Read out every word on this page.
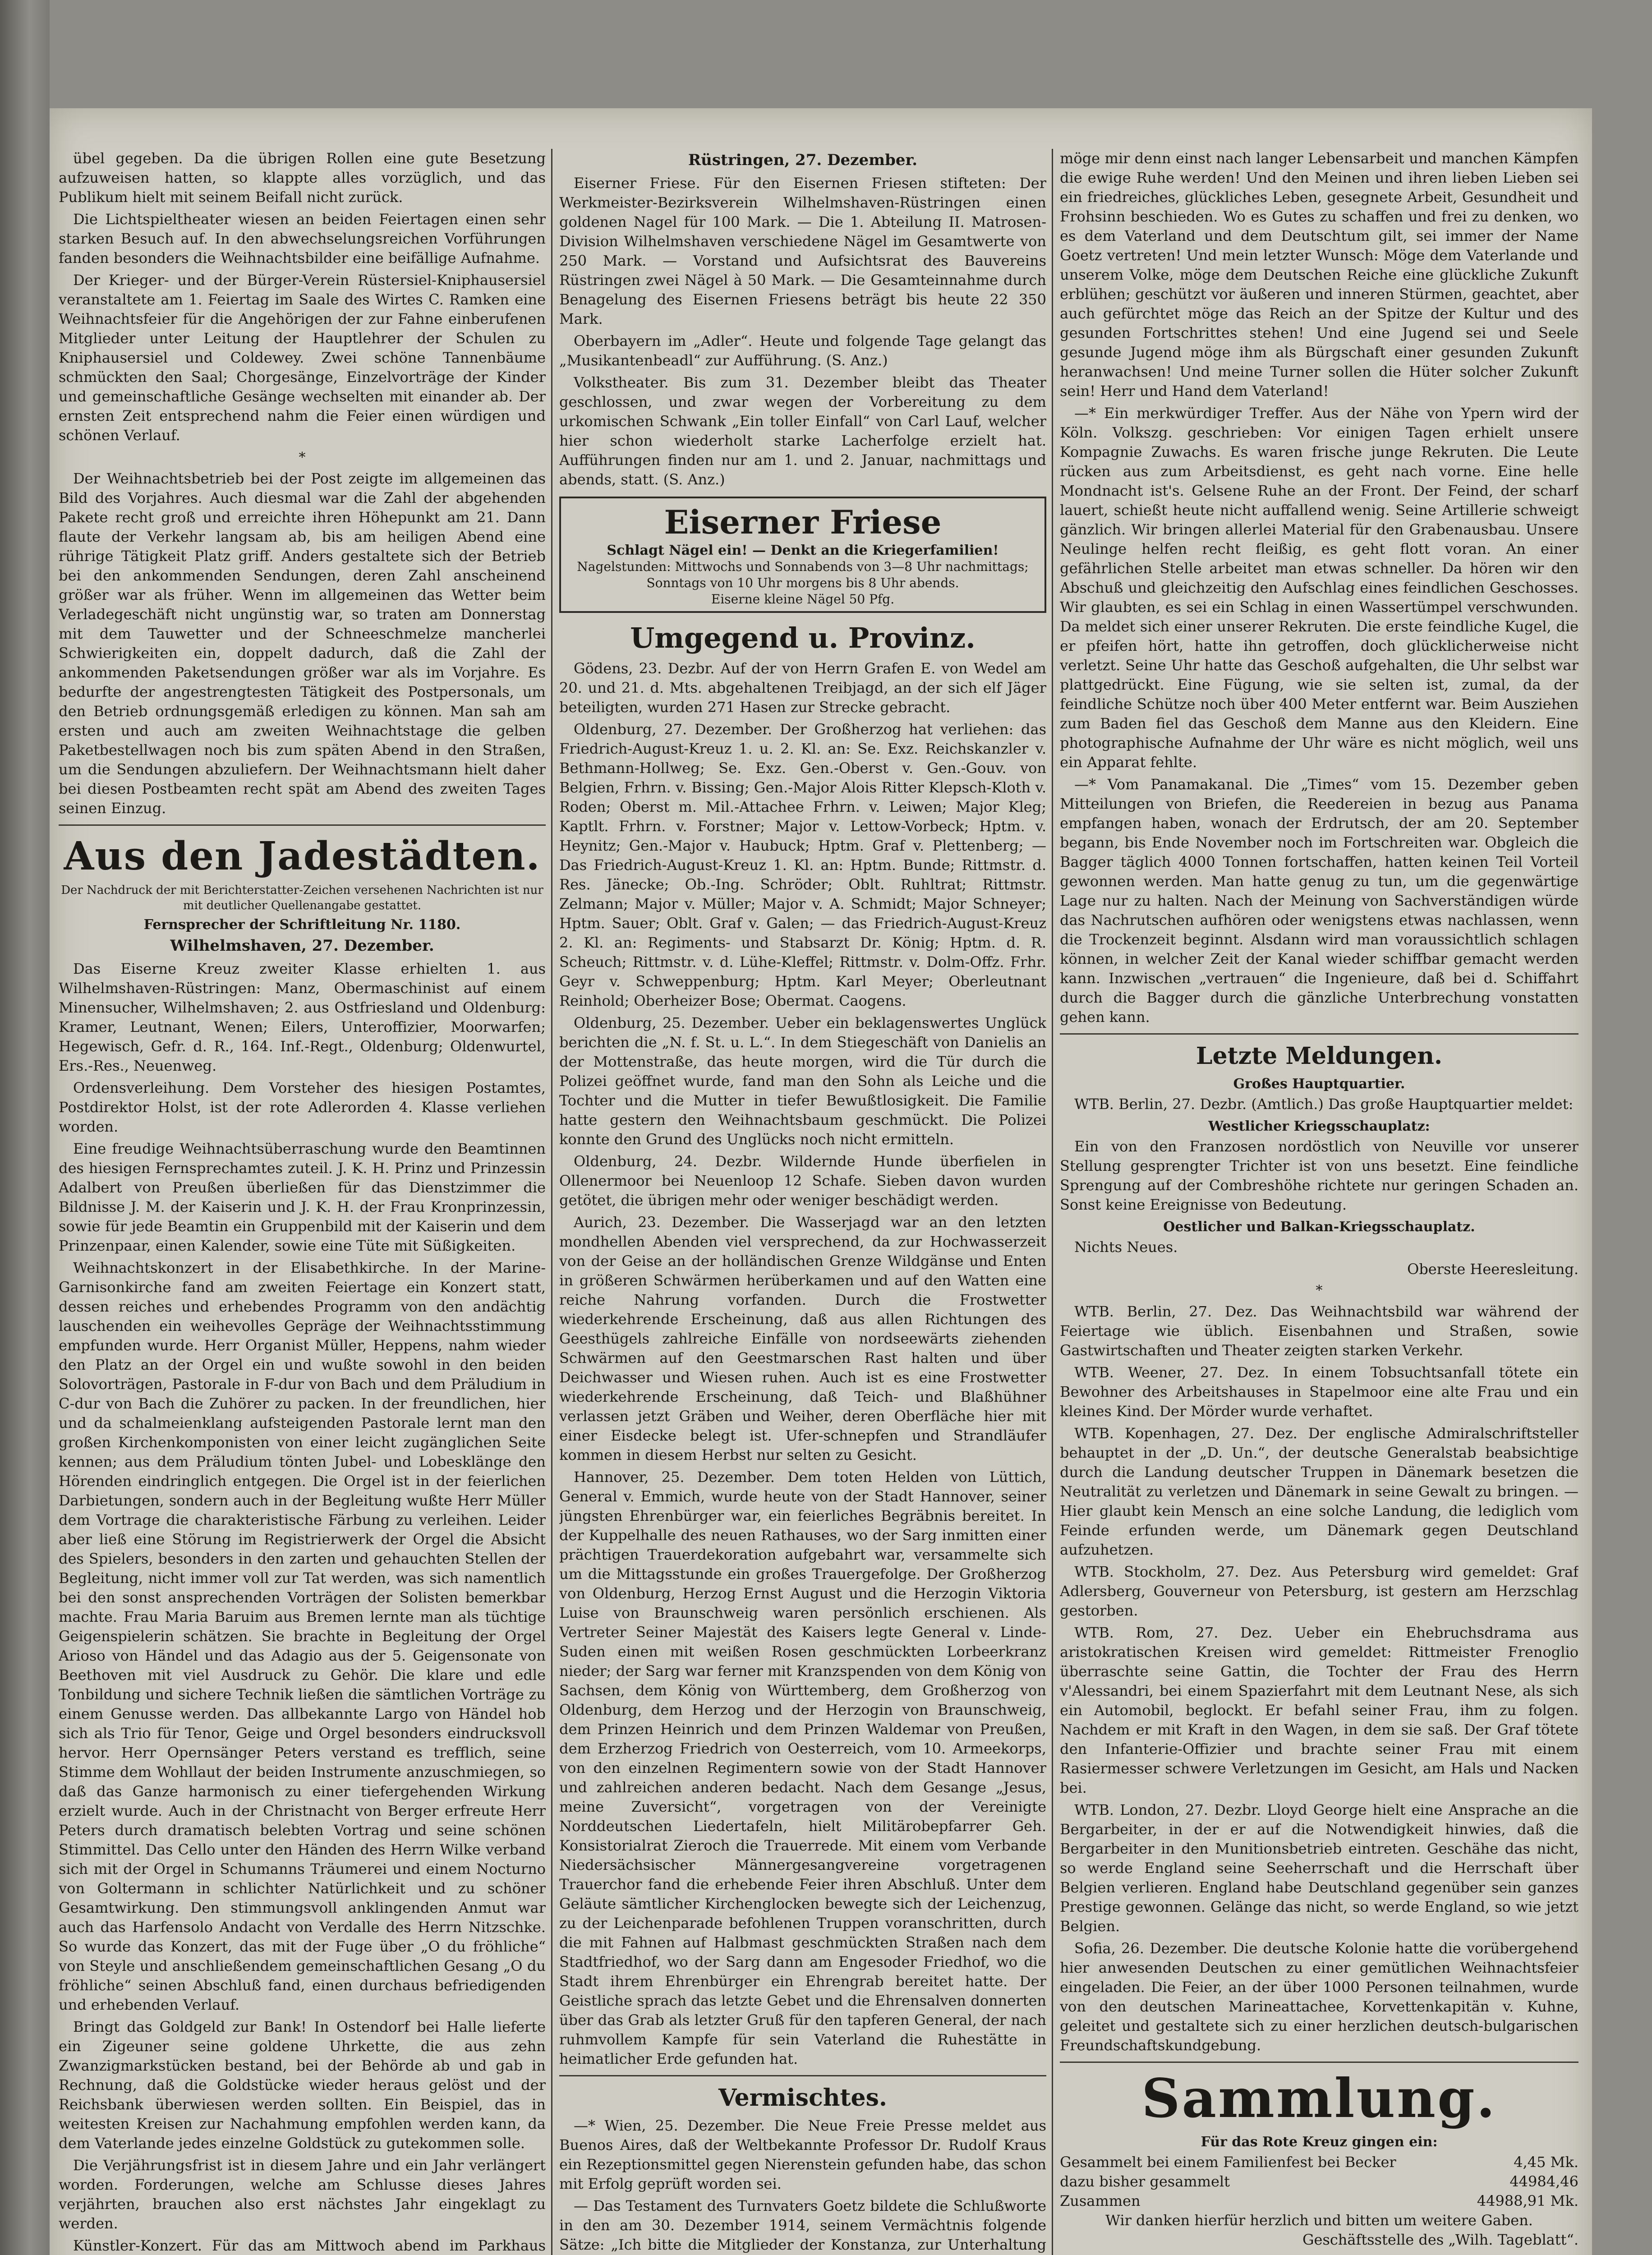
übel gegeben. Da die übrigen Rollen eine gute Besetzung aufzuweisen hatten, so klappte alles vorzüglich, und das Publikum hielt mit seinem Beifall nicht zurück.

Die Lichtspieltheater wiesen an beiden Feiertagen einen sehr starken Besuch auf. In den abwechselungsreichen Vorführungen fanden besonders die Weihnachtsbilder eine beifällige Aufnahme.

Der Krieger- und der Bürger-Verein Rüstersiel-Kniphausersiel veranstaltete am 1. Feiertag im Saale des Wirtes C. Ramken eine Weihnachtsfeier für die Angehörigen der zur Fahne einberufenen Mitglieder unter Leitung der Hauptlehrer der Schulen zu Kniphausersiel und Coldewey. Zwei schöne Tannenbäume schmückten den Saal; Chorgesänge, Einzelvorträge der Kinder und gemeinschaftliche Gesänge wechselten mit einander ab. Der ernsten Zeit entsprechend nahm die Feier einen würdigen und schönen Verlauf.

*

Der Weihnachtsbetrieb bei der Post zeigte im allgemeinen das Bild des Vorjahres. Auch diesmal war die Zahl der abgehenden Pakete recht groß und erreichte ihren Höhepunkt am 21. Dann flaute der Verkehr langsam ab, bis am heiligen Abend eine rührige Tätigkeit Platz griff. Anders gestaltete sich der Betrieb bei den ankommenden Sendungen, deren Zahl anscheinend größer war als früher. Wenn im allgemeinen das Wetter beim Verladegeschäft nicht ungünstig war, so traten am Donnerstag mit dem Tauwetter und der Schneeschmelze mancherlei Schwierigkeiten ein, doppelt dadurch, daß die Zahl der ankommenden Paketsendungen größer war als im Vorjahre. Es bedurfte der angestrengtesten Tätigkeit des Postpersonals, um den Betrieb ordnungsgemäß erledigen zu können. Man sah am ersten und auch am zweiten Weihnachtstage die gelben Paketbestellwagen noch bis zum späten Abend in den Straßen, um die Sendungen abzuliefern. Der Weihnachtsmann hielt daher bei diesen Postbeamten recht spät am Abend des zweiten Tages seinen Einzug.

Aus den Jadestädten.
Der Nachdruck der mit Berichterstatter-Zeichen versehenen Nachrichten ist nur mit deutlicher Quellenangabe gestattet.
Fernsprecher der Schriftleitung Nr. 1180.
Wilhelmshaven, 27. Dezember.

Das Eiserne Kreuz zweiter Klasse erhielten 1. aus Wilhelmshaven-Rüstringen: Manz, Obermaschinist auf einem Minensucher, Wilhelmshaven; 2. aus Ostfriesland und Oldenburg: Kramer, Leutnant, Wenen; Eilers, Unteroffizier, Moorwarfen; Hegewisch, Gefr. d. R., 164. Inf.-Regt., Oldenburg; Oldenwurtel, Ers.-Res., Neuenweg.

Ordensverleihung. Dem Vorsteher des hiesigen Postamtes, Postdirektor Holst, ist der rote Adlerorden 4. Klasse verliehen worden.

Eine freudige Weihnachtsüberraschung wurde den Beamtinnen des hiesigen Fernsprechamtes zuteil. J. K. H. Prinz und Prinzessin Adalbert von Preußen überließen für das Dienstzimmer die Bildnisse J. M. der Kaiserin und J. K. H. der Frau Kronprinzessin, sowie für jede Beamtin ein Gruppenbild mit der Kaiserin und dem Prinzenpaar, einen Kalender, sowie eine Tüte mit Süßigkeiten.

Weihnachtskonzert in der Elisabethkirche. In der Marine-Garnisonkirche fand am zweiten Feiertage ein Konzert statt, dessen reiches und erhebendes Programm von den andächtig lauschenden ein weihevolles Gepräge der Weihnachtsstimmung empfunden wurde. Herr Organist Müller, Heppens, nahm wieder den Platz an der Orgel ein und wußte sowohl in den beiden Solovorträgen, Pastorale in F-dur von Bach und dem Präludium in C-dur von Bach die Zuhörer zu packen. In der freundlichen, hier und da schalmeienklang aufsteigenden Pastorale lernt man den großen Kirchenkomponisten von einer leicht zugänglichen Seite kennen; aus dem Präludium tönten Jubel- und Lobesklänge den Hörenden eindringlich entgegen. Die Orgel ist in der feierlichen Darbietungen, sondern auch in der Begleitung wußte Herr Müller dem Vortrage die charakteristische Färbung zu verleihen. Leider aber ließ eine Störung im Registrierwerk der Orgel die Absicht des Spielers, besonders in den zarten und gehauchten Stellen der Begleitung, nicht immer voll zur Tat werden, was sich namentlich bei den sonst ansprechenden Vorträgen der Solisten bemerkbar machte. Frau Maria Baruim aus Bremen lernte man als tüchtige Geigenspielerin schätzen. Sie brachte in Begleitung der Orgel Arioso von Händel und das Adagio aus der 5. Geigensonate von Beethoven mit viel Ausdruck zu Gehör. Die klare und edle Tonbildung und sichere Technik ließen die sämtlichen Vorträge zu einem Genusse werden. Das allbekannte Largo von Händel hob sich als Trio für Tenor, Geige und Orgel besonders eindrucksvoll hervor. Herr Opernsänger Peters verstand es trefflich, seine Stimme dem Wohllaut der beiden Instrumente anzuschmiegen, so daß das Ganze harmonisch zu einer tiefergehenden Wirkung erzielt wurde. Auch in der Christnacht von Berger erfreute Herr Peters durch dramatisch belebten Vortrag und seine schönen Stimmittel. Das Cello unter den Händen des Herrn Wilke verband sich mit der Orgel in Schumanns Träumerei und einem Nocturno von Goltermann in schlichter Natürlichkeit und zu schöner Gesamtwirkung. Den stimmungsvoll anklingenden Anmut war auch das Harfensolo Andacht von Verdalle des Herrn Nitzschke. So wurde das Konzert, das mit der Fuge über „O du fröhliche“ von Steyle und anschließendem gemeinschaftlichen Gesang „O du fröhliche“ seinen Abschluß fand, einen durchaus befriedigenden und erhebenden Verlauf.

Bringt das Goldgeld zur Bank! In Ostendorf bei Halle lieferte ein Zigeuner seine goldene Uhrkette, die aus zehn Zwanzigmarkstücken bestand, bei der Behörde ab und gab in Rechnung, daß die Goldstücke wieder heraus gelöst und der Reichsbank überwiesen werden sollten. Ein Beispiel, das in weitesten Kreisen zur Nachahmung empfohlen werden kann, da dem Vaterlande jedes einzelne Goldstück zu gutekommen solle.

Die Verjährungsfrist ist in diesem Jahre und ein Jahr verlängert worden. Forderungen, welche am Schlusse dieses Jahres verjährten, brauchen also erst nächstes Jahr eingeklagt zu werden.

Künstler-Konzert. Für das am Mittwoch abend im Parkhaus

Rüstringen, 27. Dezember.

Eiserner Friese. Für den Eisernen Friesen stifteten: Der Werkmeister-Bezirksverein Wilhelmshaven-Rüstringen einen goldenen Nagel für 100 Mark. — Die 1. Abteilung II. Matrosen-Division Wilhelmshaven verschiedene Nägel im Gesamtwerte von 250 Mark. — Vorstand und Aufsichtsrat des Bauvereins Rüstringen zwei Nägel à 50 Mark. — Die Gesamteinnahme durch Benagelung des Eisernen Friesens beträgt bis heute 22 350 Mark.

Oberbayern im „Adler“. Heute und folgende Tage gelangt das „Musikantenbeadl“ zur Aufführung. (S. Anz.)

Volkstheater. Bis zum 31. Dezember bleibt das Theater geschlossen, und zwar wegen der Vorbereitung zu dem urkomischen Schwank „Ein toller Einfall“ von Carl Lauf, welcher hier schon wiederholt starke Lacherfolge erzielt hat. Aufführungen finden nur am 1. und 2. Januar, nachmittags und abends, statt. (S. Anz.)

Eiserner Friese
Schlagt Nägel ein! — Denkt an die Kriegerfamilien!
Nagelstunden: Mittwochs und Sonnabends von 3—8 Uhr nachmittags; Sonntags von 10 Uhr morgens bis 8 Uhr abends.
Eiserne kleine Nägel 50 Pfg.
Umgegend u. Provinz.

Gödens, 23. Dezbr. Auf der von Herrn Grafen E. von Wedel am 20. und 21. d. Mts. abgehaltenen Treibjagd, an der sich elf Jäger beteiligten, wurden 271 Hasen zur Strecke gebracht.

Oldenburg, 27. Dezember. Der Großherzog hat verliehen: das Friedrich-August-Kreuz 1. u. 2. Kl. an: Se. Exz. Reichskanzler v. Bethmann-Hollweg; Se. Exz. Gen.-Oberst v. Gen.-Gouv. von Belgien, Frhrn. v. Bissing; Gen.-Major Alois Ritter Klepsch-Kloth v. Roden; Oberst m. Mil.-Attachee Frhrn. v. Leiwen; Major Kleg; Kaptlt. Frhrn. v. Forstner; Major v. Lettow-Vorbeck; Hptm. v. Heynitz; Gen.-Major v. Haubuck; Hptm. Graf v. Plettenberg; — Das Friedrich-August-Kreuz 1. Kl. an: Hptm. Bunde; Rittmstr. d. Res. Jänecke; Ob.-Ing. Schröder; Oblt. Ruhltrat; Rittmstr. Zelmann; Major v. Müller; Major v. A. Schmidt; Major Schneyer; Hptm. Sauer; Oblt. Graf v. Galen; — das Friedrich-August-Kreuz 2. Kl. an: Regiments- und Stabsarzt Dr. König; Hptm. d. R. Scheuch; Rittmstr. v. d. Lühe-Kleffel; Rittmstr. v. Dolm-Offz. Frhr. Geyr v. Schweppenburg; Hptm. Karl Meyer; Oberleutnant Reinhold; Oberheizer Bose; Obermat. Caogens.

Oldenburg, 25. Dezember. Ueber ein beklagenswertes Unglück berichten die „N. f. St. u. L.“. In dem Stiegeschäft von Danielis an der Mottenstraße, das heute morgen, wird die Tür durch die Polizei geöffnet wurde, fand man den Sohn als Leiche und die Tochter und die Mutter in tiefer Bewußtlosigkeit. Die Familie hatte gestern den Weihnachtsbaum geschmückt. Die Polizei konnte den Grund des Unglücks noch nicht ermitteln.

Oldenburg, 24. Dezbr. Wildernde Hunde überfielen in Ollenermoor bei Neuenloop 12 Schafe. Sieben davon wurden getötet, die übrigen mehr oder weniger beschädigt werden.

Aurich, 23. Dezember. Die Wasserjagd war an den letzten mondhellen Abenden viel versprechend, da zur Hochwasserzeit von der Geise an der holländischen Grenze Wildgänse und Enten in größeren Schwärmen herüberkamen und auf den Watten eine reiche Nahrung vorfanden. Durch die Frostwetter wiederkehrende Erscheinung, daß aus allen Richtungen des Geesthügels zahlreiche Einfälle von nordseewärts ziehenden Schwärmen auf den Geestmarschen Rast halten und über Deichwasser und Wiesen ruhen. Auch ist es eine Frostwetter wiederkehrende Erscheinung, daß Teich- und Blaßhühner verlassen jetzt Gräben und Weiher, deren Oberfläche hier mit einer Eisdecke belegt ist. Ufer-schnepfen und Strandläufer kommen in diesem Herbst nur selten zu Gesicht.

Hannover, 25. Dezember. Dem toten Helden von Lüttich, General v. Emmich, wurde heute von der Stadt Hannover, seiner jüngsten Ehrenbürger war, ein feierliches Begräbnis bereitet. In der Kuppelhalle des neuen Rathauses, wo der Sarg inmitten einer prächtigen Trauerdekoration aufgebahrt war, versammelte sich um die Mittagsstunde ein großes Trauergefolge. Der Großherzog von Oldenburg, Herzog Ernst August und die Herzogin Viktoria Luise von Braunschweig waren persönlich erschienen. Als Vertreter Seiner Majestät des Kaisers legte General v. Linde-Suden einen mit weißen Rosen geschmückten Lorbeerkranz nieder; der Sarg war ferner mit Kranzspenden von dem König von Sachsen, dem König von Württemberg, dem Großherzog von Oldenburg, dem Herzog und der Herzogin von Braunschweig, dem Prinzen Heinrich und dem Prinzen Waldemar von Preußen, dem Erzherzog Friedrich von Oesterreich, vom 10. Armeekorps, von den einzelnen Regimentern sowie von der Stadt Hannover und zahlreichen anderen bedacht. Nach dem Gesange „Jesus, meine Zuversicht“, vorgetragen von der Vereinigte Norddeutschen Liedertafeln, hielt Militärobepfarrer Geh. Konsistorialrat Zieroch die Trauerrede. Mit einem vom Verbande Niedersächsischer Männergesangvereine vorgetragenen Trauerchor fand die erhebende Feier ihren Abschluß. Unter dem Geläute sämtlicher Kirchenglocken bewegte sich der Leichenzug, zu der Leichenparade befohlenen Truppen voranschritten, durch die mit Fahnen auf Halbmast geschmückten Straßen nach dem Stadtfriedhof, wo der Sarg dann am Engesoder Friedhof, wo die Stadt ihrem Ehrenbürger ein Ehrengrab bereitet hatte. Der Geistliche sprach das letzte Gebet und die Ehrensalven donnerten über das Grab als letzter Gruß für den tapferen General, der nach ruhmvollem Kampfe für sein Vaterland die Ruhestätte in heimatlicher Erde gefunden hat.

Vermischtes.

—* Wien, 25. Dezember. Die Neue Freie Presse meldet aus Buenos Aires, daß der Weltbekannte Professor Dr. Rudolf Kraus ein Rezeptionsmittel gegen Nierenstein gefunden habe, das schon mit Erfolg geprüft worden sei.

— Das Testament des Turnvaters Goetz bildete die Schlußworte in den am 30. Dezember 1914, seinem Vermächtnis folgende Sätze: „Ich bitte die Mitglieder der Konstanza, zur Unterhaltung

möge mir denn einst nach langer Lebensarbeit und manchen Kämpfen die ewige Ruhe werden! Und den Meinen und ihren lieben Lieben sei ein friedreiches, glückliches Leben, gesegnete Arbeit, Gesundheit und Frohsinn beschieden. Wo es Gutes zu schaffen und frei zu denken, wo es dem Vaterland und dem Deutschtum gilt, sei immer der Name Goetz vertreten! Und mein letzter Wunsch: Möge dem Vaterlande und unserem Volke, möge dem Deutschen Reiche eine glückliche Zukunft erblühen; geschützt vor äußeren und inneren Stürmen, geachtet, aber auch gefürchtet möge das Reich an der Spitze der Kultur und des gesunden Fortschrittes stehen! Und eine Jugend sei und Seele gesunde Jugend möge ihm als Bürgschaft einer gesunden Zukunft heranwachsen! Und meine Turner sollen die Hüter solcher Zukunft sein! Herr und Hand dem Vaterland!

—* Ein merkwürdiger Treffer. Aus der Nähe von Ypern wird der Köln. Volkszg. geschrieben: Vor einigen Tagen erhielt unsere Kompagnie Zuwachs. Es waren frische junge Rekruten. Die Leute rücken aus zum Arbeitsdienst, es geht nach vorne. Eine helle Mondnacht ist's. Gelsene Ruhe an der Front. Der Feind, der scharf lauert, schießt heute nicht auffallend wenig. Seine Artillerie schweigt gänzlich. Wir bringen allerlei Material für den Grabenausbau. Unsere Neulinge helfen recht fleißig, es geht flott voran. An einer gefährlichen Stelle arbeitet man etwas schneller. Da hören wir den Abschuß und gleichzeitig den Aufschlag eines feindlichen Geschosses. Wir glaubten, es sei ein Schlag in einen Wassertümpel verschwunden. Da meldet sich einer unserer Rekruten. Die erste feindliche Kugel, die er pfeifen hört, hatte ihn getroffen, doch glücklicherweise nicht verletzt. Seine Uhr hatte das Geschoß aufgehalten, die Uhr selbst war plattgedrückt. Eine Fügung, wie sie selten ist, zumal, da der feindliche Schütze noch über 400 Meter entfernt war. Beim Ausziehen zum Baden fiel das Geschoß dem Manne aus den Kleidern. Eine photographische Aufnahme der Uhr wäre es nicht möglich, weil uns ein Apparat fehlte.

—* Vom Panamakanal. Die „Times“ vom 15. Dezember geben Mitteilungen von Briefen, die Reedereien in bezug aus Panama empfangen haben, wonach der Erdrutsch, der am 20. September begann, bis Ende November noch im Fortschreiten war. Obgleich die Bagger täglich 4000 Tonnen fortschaffen, hatten keinen Teil Vorteil gewonnen werden. Man hatte genug zu tun, um die gegenwärtige Lage nur zu halten. Nach der Meinung von Sachverständigen würde das Nachrutschen aufhören oder wenigstens etwas nachlassen, wenn die Trockenzeit beginnt. Alsdann wird man voraussichtlich schlagen können, in welcher Zeit der Kanal wieder schiffbar gemacht werden kann. Inzwischen „vertrauen“ die Ingenieure, daß bei d. Schiffahrt durch die Bagger durch die gänzliche Unterbrechung vonstatten gehen kann.

Letzte Meldungen.
Großes Hauptquartier.

WTB. Berlin, 27. Dezbr. (Amtlich.) Das große Hauptquartier meldet:

Westlicher Kriegsschauplatz:

Ein von den Franzosen nordöstlich von Neuville vor unserer Stellung gesprengter Trichter ist von uns besetzt. Eine feindliche Sprengung auf der Combreshöhe richtete nur geringen Schaden an. Sonst keine Ereignisse von Bedeutung.

Oestlicher und Balkan-Kriegsschauplatz.

Nichts Neues.

Oberste Heeresleitung.
*

WTB. Berlin, 27. Dez. Das Weihnachtsbild war während der Feiertage wie üblich. Eisenbahnen und Straßen, sowie Gastwirtschaften und Theater zeigten starken Verkehr.

WTB. Weener, 27. Dez. In einem Tobsuchtsanfall tötete ein Bewohner des Arbeitshauses in Stapelmoor eine alte Frau und ein kleines Kind. Der Mörder wurde verhaftet.

WTB. Kopenhagen, 27. Dez. Der englische Admiralschriftsteller behauptet in der „D. Un.“, der deutsche Generalstab beabsichtige durch die Landung deutscher Truppen in Dänemark besetzen die Neutralität zu verletzen und Dänemark in seine Gewalt zu bringen. — Hier glaubt kein Mensch an eine solche Landung, die lediglich vom Feinde erfunden werde, um Dänemark gegen Deutschland aufzuhetzen.

WTB. Stockholm, 27. Dez. Aus Petersburg wird gemeldet: Graf Adlersberg, Gouverneur von Petersburg, ist gestern am Herzschlag gestorben.

WTB. Rom, 27. Dez. Ueber ein Ehebruchsdrama aus aristokratischen Kreisen wird gemeldet: Rittmeister Frenoglio überraschte seine Gattin, die Tochter der Frau des Herrn v'Alessandri, bei einem Spazierfahrt mit dem Leutnant Nese, als sich ein Automobil, beglockt. Er befahl seiner Frau, ihm zu folgen. Nachdem er mit Kraft in den Wagen, in dem sie saß. Der Graf tötete den Infanterie-Offizier und brachte seiner Frau mit einem Rasiermesser schwere Verletzungen im Gesicht, am Hals und Nacken bei.

WTB. London, 27. Dezbr. Lloyd George hielt eine Ansprache an die Bergarbeiter, in der er auf die Notwendigkeit hinwies, daß die Bergarbeiter in den Munitionsbetrieb eintreten. Geschähe das nicht, so werde England seine Seeherrschaft und die Herrschaft über Belgien verlieren. England habe Deutschland gegenüber sein ganzes Prestige gewonnen. Gelänge das nicht, so werde England, so wie jetzt Belgien.

Sofia, 26. Dezember. Die deutsche Kolonie hatte die vorübergehend hier anwesenden Deutschen zu einer gemütlichen Weihnachtsfeier eingeladen. Die Feier, an der über 1000 Personen teilnahmen, wurde von den deutschen Marineattachee, Korvettenkapitän v. Kuhne, geleitet und gestaltete sich zu einer herzlichen deutsch-bulgarischen Freundschaftskundgebung.

Sammlung.
Für das Rote Kreuz gingen ein:
Gesammelt bei einem Familienfest bei Becker	4,45 Mk.
dazu bisher gesammelt	44984,46
Zusammen	44988,91 Mk.
Wir danken hierfür herzlich und bitten um weitere Gaben.
Geschäftsstelle des „Wilh. Tageblatt“.
